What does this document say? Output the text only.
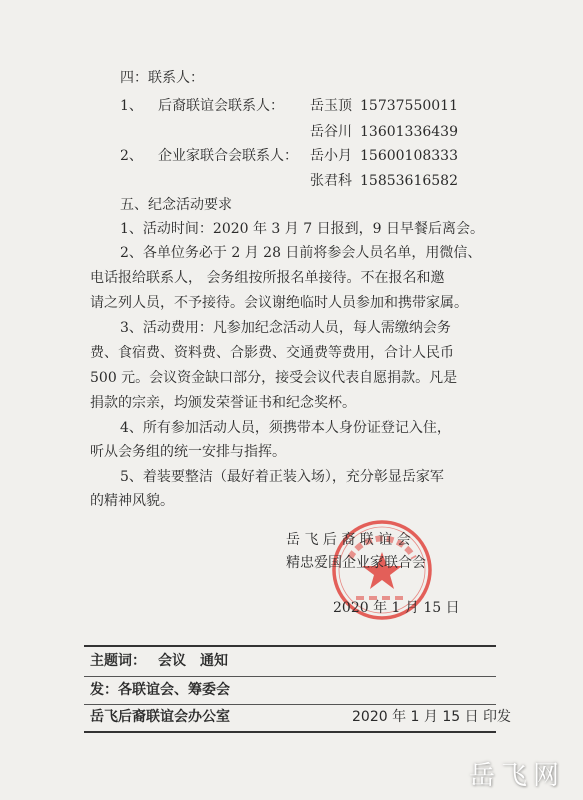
四：联系人：
1、 后裔联谊会联系人： 岳玉顶 15737550011
岳谷川 13601336439
2、 企业家联合会联系人： 岳小月 15600108333
张君科 15853616582
五、纪念活动要求
1、活动时间：2020 年 3 月 7 日报到，9 日早餐后离会。
2、各单位务必于 2 月 28 日前将参会人员名单，用微信、
电话报给联系人， 会务组按所报名单接待。不在报名和邀
请之列人员，不予接待。会议谢绝临时人员参加和携带家属。
3、活动费用：凡参加纪念活动人员，每人需缴纳会务
费、食宿费、资料费、合影费、交通费等费用，合计人民币
500 元。会议资金缺口部分，接受会议代表自愿捐款。凡是
捐款的宗亲，均颁发荣誉证书和纪念奖杯。
4、所有参加活动人员，须携带本人身份证登记入住，
听从会务组的统一安排与指挥。
5、着装要整洁（最好着正装入场），充分彰显岳家军
的精神风貌。
岳 飞 后 裔 联 谊 会
精忠爱国企业家联合会
2020 年 1 月 15 日
主题词： 会议　通知
发：各联谊会、筹委会
岳飞后裔联谊会办公室	2020 年 1 月 15 日 印发
岳飞网
